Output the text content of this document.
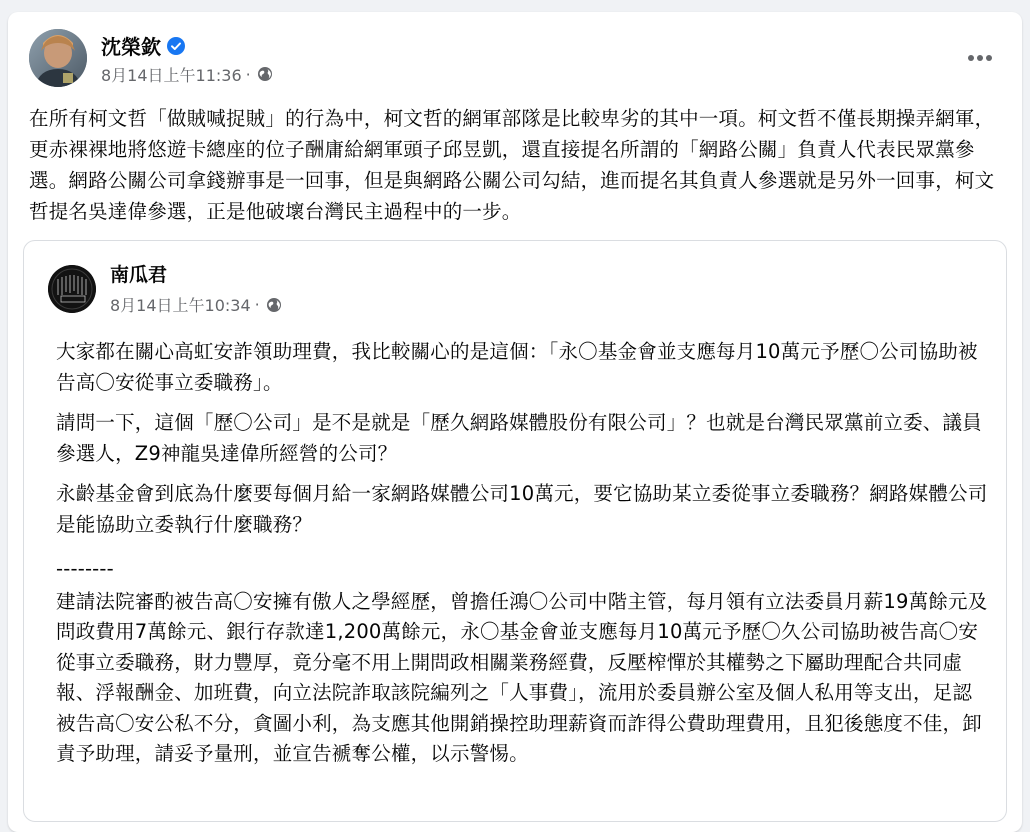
沈榮欽
8月14日上午11:36 ·

在所有柯文哲「做賊喊捉賊」的行為中，柯文哲的網軍部隊是比較卑劣的其中一項。柯文哲不僅長期操弄網軍，更赤裸裸地將悠遊卡總座的位子酬庸給網軍頭子邱昱凱，還直接提名所謂的「網路公關」負責人代表民眾黨參選。網路公關公司拿錢辦事是一回事，但是與網路公關公司勾結，進而提名其負責人參選就是另外一回事，柯文哲提名吳達偉參選，正是他破壞台灣民主過程中的一步。

南瓜君
8月14日上午10:34 ·

大家都在關心高虹安詐領助理費，我比較關心的是這個：「永〇基金會並支應每月10萬元予歷〇公司協助被告高〇安從事立委職務」。

請問一下，這個「歷〇公司」是不是就是「歷久網路媒體股份有限公司」？也就是台灣民眾黨前立委、議員參選人，Z9神龍吳達偉所經營的公司？

永齡基金會到底為什麼要每個月給一家網路媒體公司10萬元，要它協助某立委從事立委職務？網路媒體公司是能協助立委執行什麼職務？

--------

建請法院審酌被告高〇安擁有傲人之學經歷，曾擔任鴻〇公司中階主管，每月領有立法委員月薪19萬餘元及問政費用7萬餘元、銀行存款達1,200萬餘元，永〇基金會並支應每月10萬元予歷〇久公司協助被告高〇安從事立委職務，財力豐厚，竟分毫不用上開問政相關業務經費，反壓榨憚於其權勢之下屬助理配合共同虛報、浮報酬金、加班費，向立法院詐取該院編列之「人事費」，流用於委員辦公室及個人私用等支出，足認被告高〇安公私不分，貪圖小利，為支應其他開銷操控助理薪資而詐得公費助理費用，且犯後態度不佳，卸責予助理，請妥予量刑，並宣告褫奪公權，以示警惕。
